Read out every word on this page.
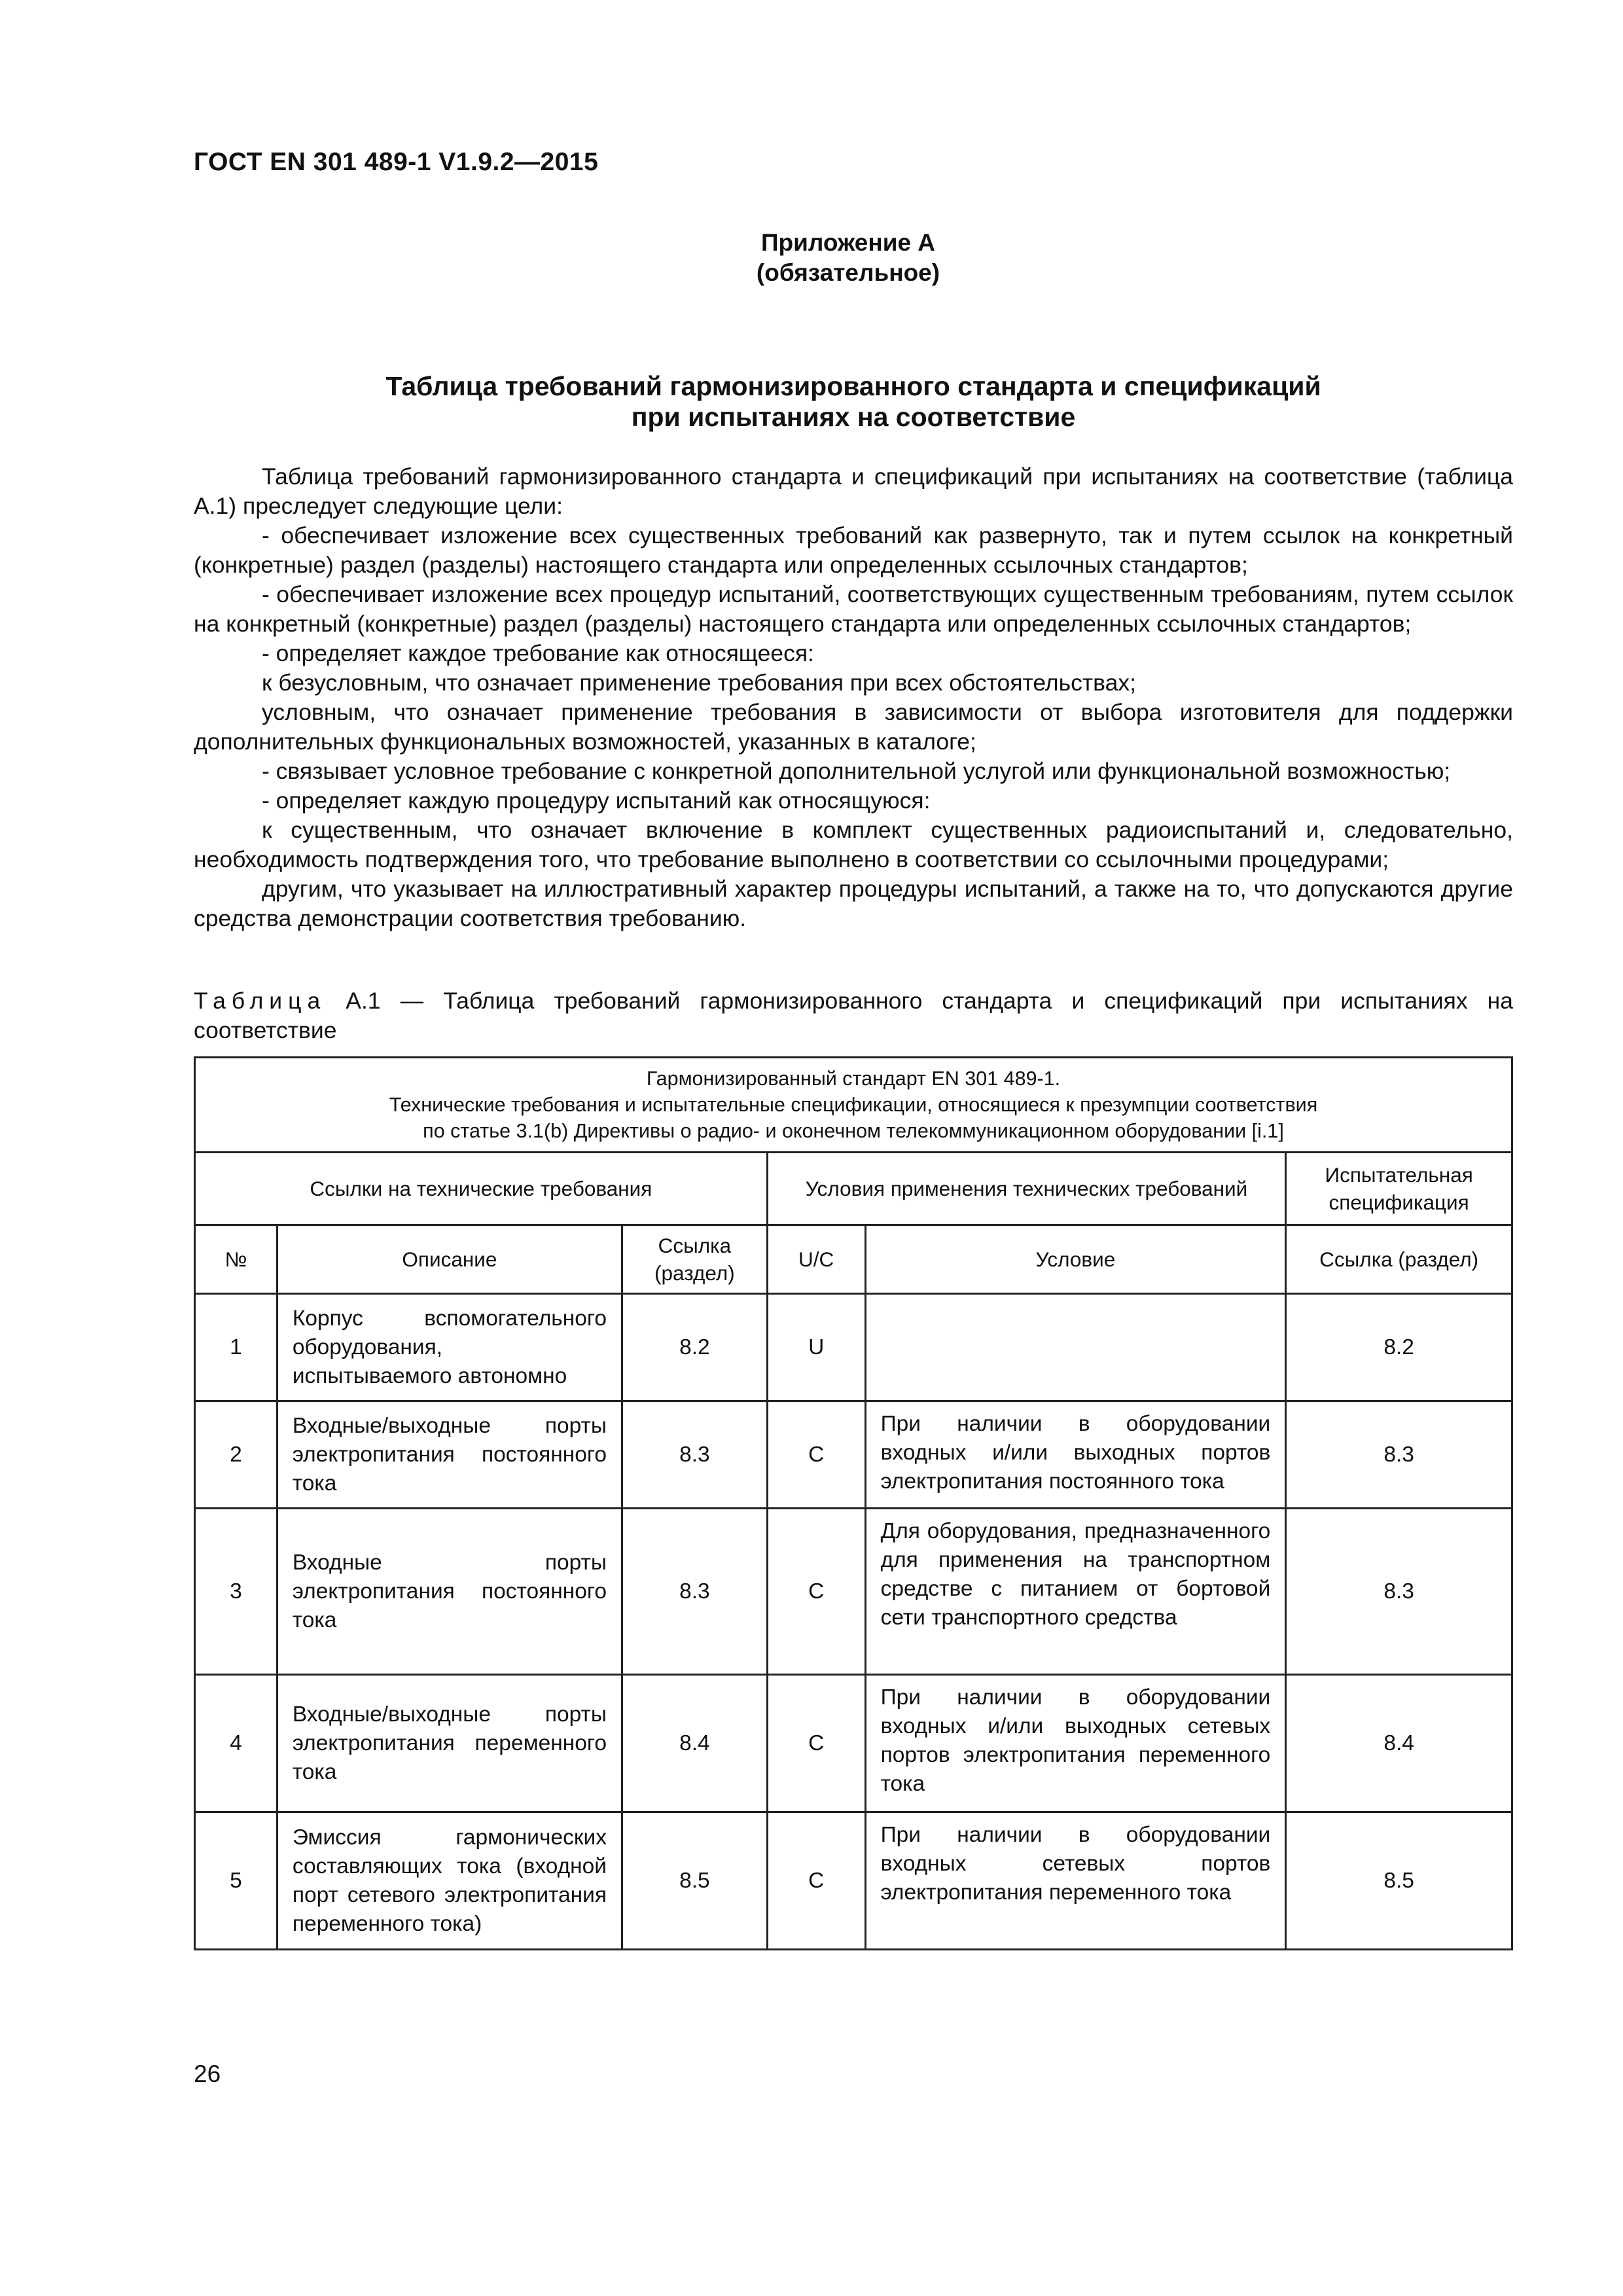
ГОСТ EN 301 489-1 V1.9.2—2015
Приложение А
(обязательное)
Таблица требований гармонизированного стандарта и спецификаций
при испытаниях на соответствие

Таблица требований гармонизированного стандарта и спецификаций при испытаниях на соответствие (таблица А.1) преследует следующие цели:

- обеспечивает изложение всех существенных требований как развернуто, так и путем ссылок на конкретный (конкретные) раздел (разделы) настоящего стандарта или определенных ссылочных стандартов;

- обеспечивает изложение всех процедур испытаний, соответствующих существенным требованиям, путем ссылок на конкретный (конкретные) раздел (разделы) настоящего стандарта или определенных ссылочных стандартов;

- определяет каждое требование как относящееся:

к безусловным, что означает применение требования при всех обстоятельствах;

условным, что означает применение требования в зависимости от выбора изготовителя для поддержки дополнительных функциональных возможностей, указанных в каталоге;

- связывает условное требование с конкретной дополнительной услугой или функциональной возможностью;

- определяет каждую процедуру испытаний как относящуюся:

к существенным, что означает включение в комплект существенных радиоиспытаний и, следовательно, необходимость подтверждения того, что требование выполнено в соответствии со ссылочными процедурами;

другим, что указывает на иллюстративный характер процедуры испытаний, а также на то, что допускаются другие средства демонстрации соответствия требованию.

Таблица А.1 — Таблица требований гармонизированного стандарта и спецификаций при испытаниях на соответствие
Гармонизированный стандарт EN 301 489-1.
Технические требования и испытательные спецификации, относящиеся к презумпции соответствия
по статье 3.1(b) Директивы о радио- и оконечном телекоммуникационном оборудовании [i.1]					

Ссылки на технические требования			Условия применения технических требований		Испытательная спецификация
№	Описание	Ссылка (раздел)	U/C	Условие	Ссылка (раздел)
1	Корпус вспомогательного оборудования, испытываемого автономно	8.2	U		8.2
2	Входные/выходные порты электропитания постоянного тока	8.3	C	При наличии в оборудовании входных и/или выходных портов электропитания постоянного тока	8.3
3	Входные порты электропитания постоянного тока	8.3	C	Для оборудования, предназначенного для применения на транспортном средстве с питанием от бортовой сети транспортного средства	8.3
4	Входные/выходные порты электропитания переменного тока	8.4	C	При наличии в оборудовании входных и/или выходных сетевых портов электропитания переменного тока	8.4
5	Эмиссия гармонических составляющих тока (входной порт сетевого электропитания переменного тока)	8.5	C	При наличии в оборудовании входных сетевых портов электропитания переменного тока	8.5
26
